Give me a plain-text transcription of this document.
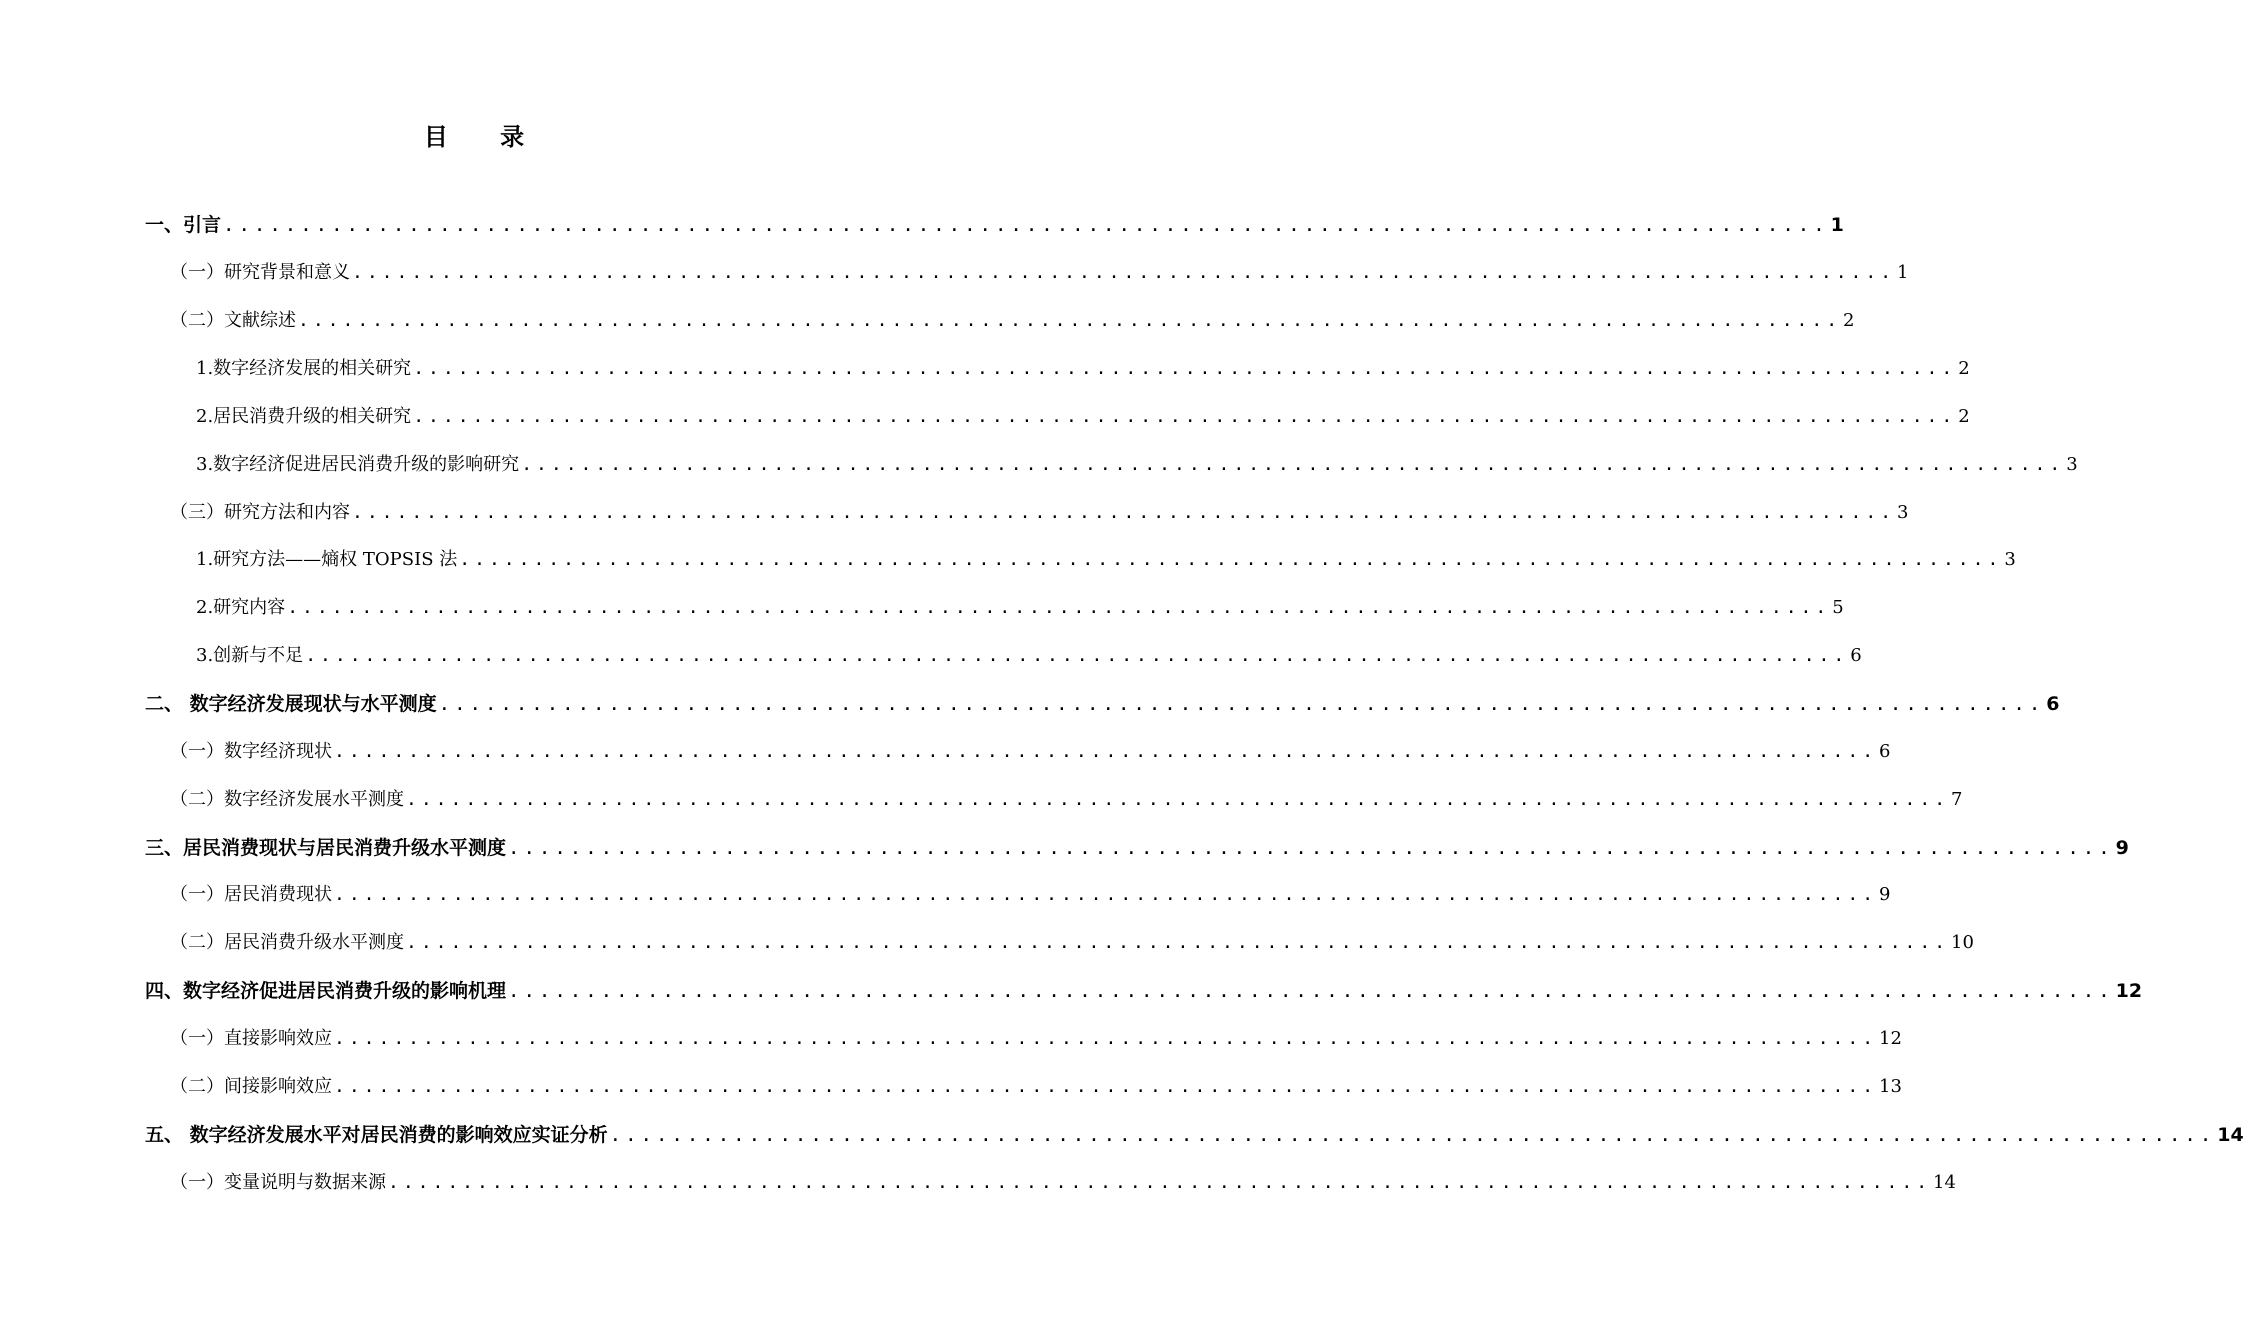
目 录
一、引言 ........................................................................................................ 1
（一）研究背景和意义 ........................................................................................................ 1
（二）文献综述 ........................................................................................................ 2
1.数字经济发展的相关研究 ........................................................................................................ 2
2.居民消费升级的相关研究 ........................................................................................................ 2
3.数字经济促进居民消费升级的影响研究 ........................................................................................................ 3
（三）研究方法和内容 ........................................................................................................ 3
1.研究方法——熵权 TOPSIS 法 ........................................................................................................ 3
2.研究内容 ........................................................................................................ 5
3.创新与不足 ........................................................................................................ 6
二、 数字经济发展现状与水平测度 ........................................................................................................ 6
（一）数字经济现状 ........................................................................................................ 6
（二）数字经济发展水平测度 ........................................................................................................ 7
三、居民消费现状与居民消费升级水平测度 ........................................................................................................ 9
（一）居民消费现状 ........................................................................................................ 9
（二）居民消费升级水平测度 ........................................................................................................ 10
四、数字经济促进居民消费升级的影响机理 ........................................................................................................ 12
（一）直接影响效应 ........................................................................................................ 12
（二）间接影响效应 ........................................................................................................ 13
五、 数字经济发展水平对居民消费的影响效应实证分析 ........................................................................................................ 14
（一）变量说明与数据来源 ........................................................................................................ 14
